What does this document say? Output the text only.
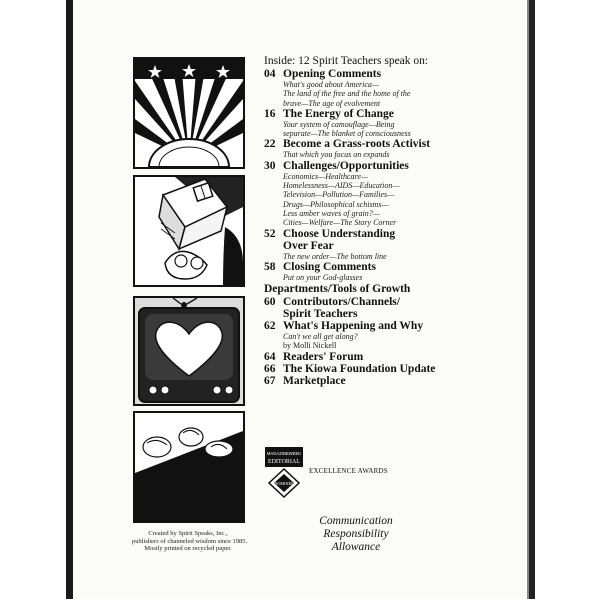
Inside: 12 Spirit Teachers speak on:
04 Opening Comments
What's good about America—
The land of the free and the home of the
brave—The age of evolvement
16 The Energy of Change
Your system of camouflage—Being
separate—The blanket of consciousness
22 Become a Grass-roots Activist
That which you focus on expands
30 Challenges/Opportunities
Economics—Healthcare—
Homelessness—AIDS—Education—
Television—Pollution—Families—
Drugs—Philosophical schisms—
Less amber waves of grain?—
Cities—Welfare—The Story Corner
52 Choose Understanding
Over Fear
The new order—The bottom line
58 Closing Comments
Put on your God-glasses
Departments/Tools of Growth
60 Contributors/Channels/
Spirit Teachers
62 What's Happening and Why
Can't we all get along?
by Molli Nickell
64 Readers' Forum
66 The Kiowa Foundation Update
67 Marketplace
MAGAZINEWEEK
EDITORIAL
NOMINEE
EXCELLENCE AWARDS
Communication
Responsibility
Allowance
Created by Spirit Speaks, Inc.,
publishers of channeled wisdom since 1985.
Mostly printed on recycled paper.
